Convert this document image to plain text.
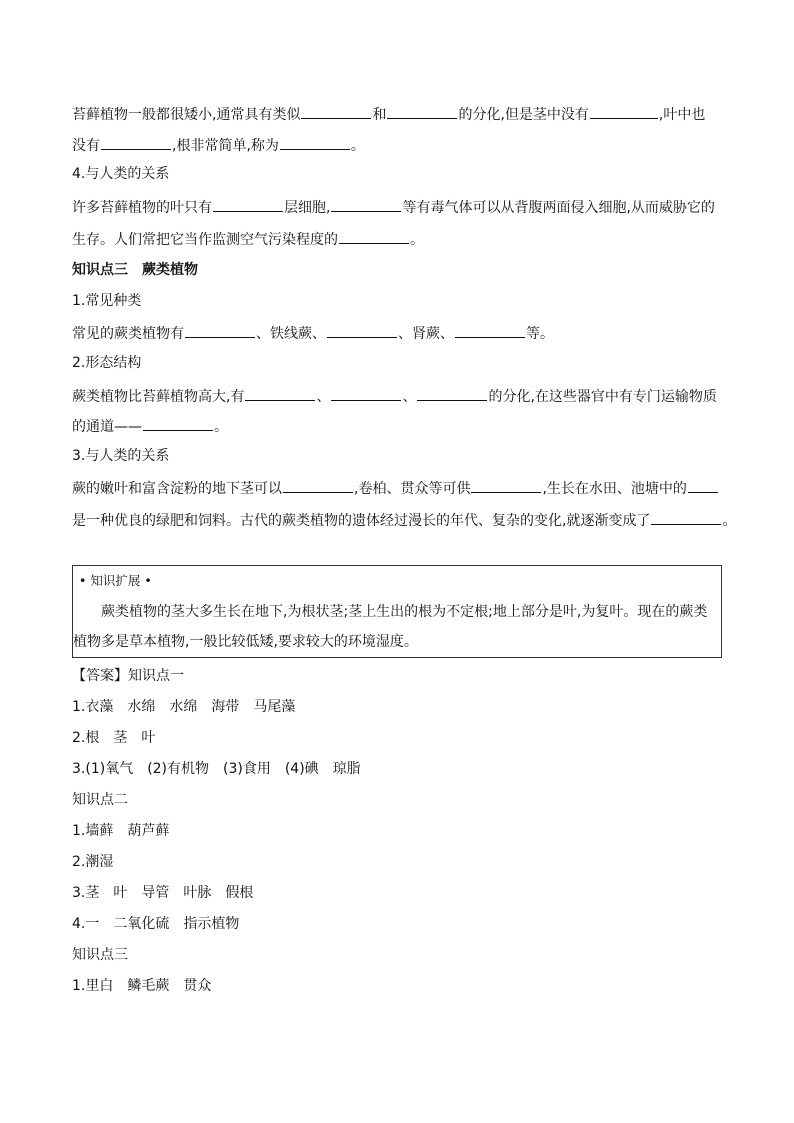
苔藓植物一般都很矮小,通常具有类似	和	的分化,但是茎中没有	,叶中也
没有	,根非常简单,称为	。
4.与人类的关系
许多苔藓植物的叶只有	层细胞,	等有毒气体可以从背腹两面侵入细胞,从而威胁它的
生存。人们常把它当作监测空气污染程度的	。
知识点三　蕨类植物
1.常见种类
常见的蕨类植物有	、铁线蕨、	、肾蕨、	等。
2.形态结构
蕨类植物比苔藓植物高大,有	、	、	的分化,在这些器官中有专门运输物质
的通道——	。
3.与人类的关系
蕨的嫩叶和富含淀粉的地下茎可以	,卷柏、贯众等可供	,生长在水田、池塘中的
是一种优良的绿肥和饲料。古代的蕨类植物的遗体经过漫长的年代、复杂的变化,就逐渐变成了	。
• 知识扩展 •
蕨类植物的茎大多生长在地下,为根状茎;茎上生出的根为不定根;地上部分是叶,为复叶。现在的蕨类
植物多是草本植物,一般比较低矮,要求较大的环境湿度。
【答案】知识点一
1.衣藻　水绵　水绵　海带　马尾藻
2.根　茎　叶
3.(1)氧气　(2)有机物　(3)食用　(4)碘　琼脂
知识点二
1.墙藓　葫芦藓
2.潮湿
3.茎　叶　导管　叶脉　假根
4.一　二氧化硫　指示植物
知识点三
1.里白　鳞毛蕨　贯众
